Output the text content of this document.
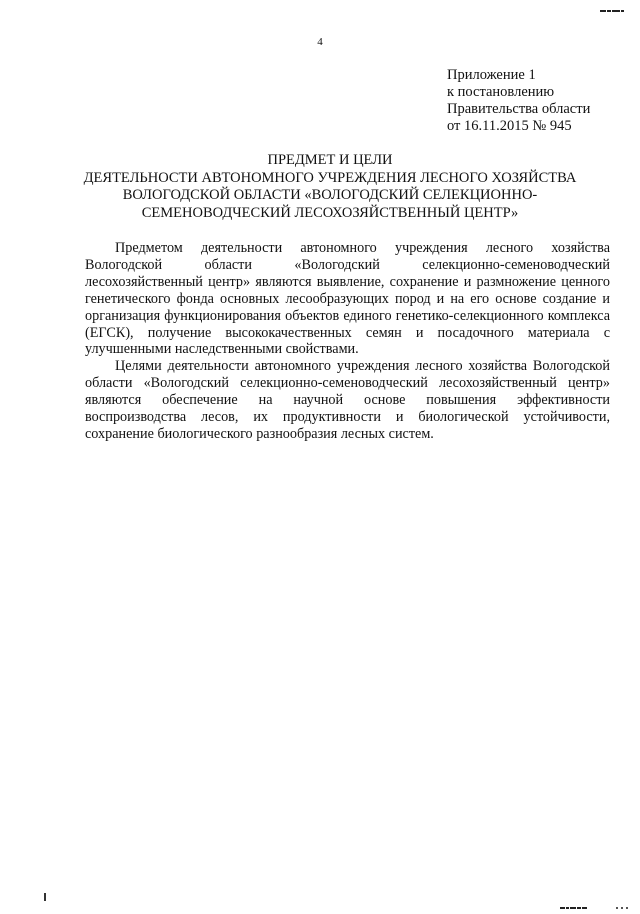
4
Приложение 1
к постановлению
Правительства области
от 16.11.2015 № 945
ПРЕДМЕТ И ЦЕЛИ
ДЕЯТЕЛЬНОСТИ АВТОНОМНОГО УЧРЕЖДЕНИЯ ЛЕСНОГО ХОЗЯЙСТВА
ВОЛОГОДСКОЙ ОБЛАСТИ «ВОЛОГОДСКИЙ СЕЛЕКЦИОННО-
СЕМЕНОВОДЧЕСКИЙ ЛЕСОХОЗЯЙСТВЕННЫЙ ЦЕНТР»

Предметом деятельности автономного учреждения лесного хозяйства Вологодской области «Вологодский селекционно-семеноводческий лесохозяйственный центр» являются выявление, сохранение и размножение ценного генетического фонда основных лесообразующих пород и на его основе создание и организация функционирования объектов единого генетико-селекционного комплекса (ЕГСК), получение высококачественных семян и посадочного материала с улучшенными наследственными свойствами.

Целями деятельности автономного учреждения лесного хозяйства Вологодской области «Вологодский селекционно-семеноводческий лесохозяйственный центр» являются обеспечение на научной основе повышения эффективности воспроизводства лесов, их продуктивности и биологической устойчивости, сохранение биологического разнообразия лесных систем.
